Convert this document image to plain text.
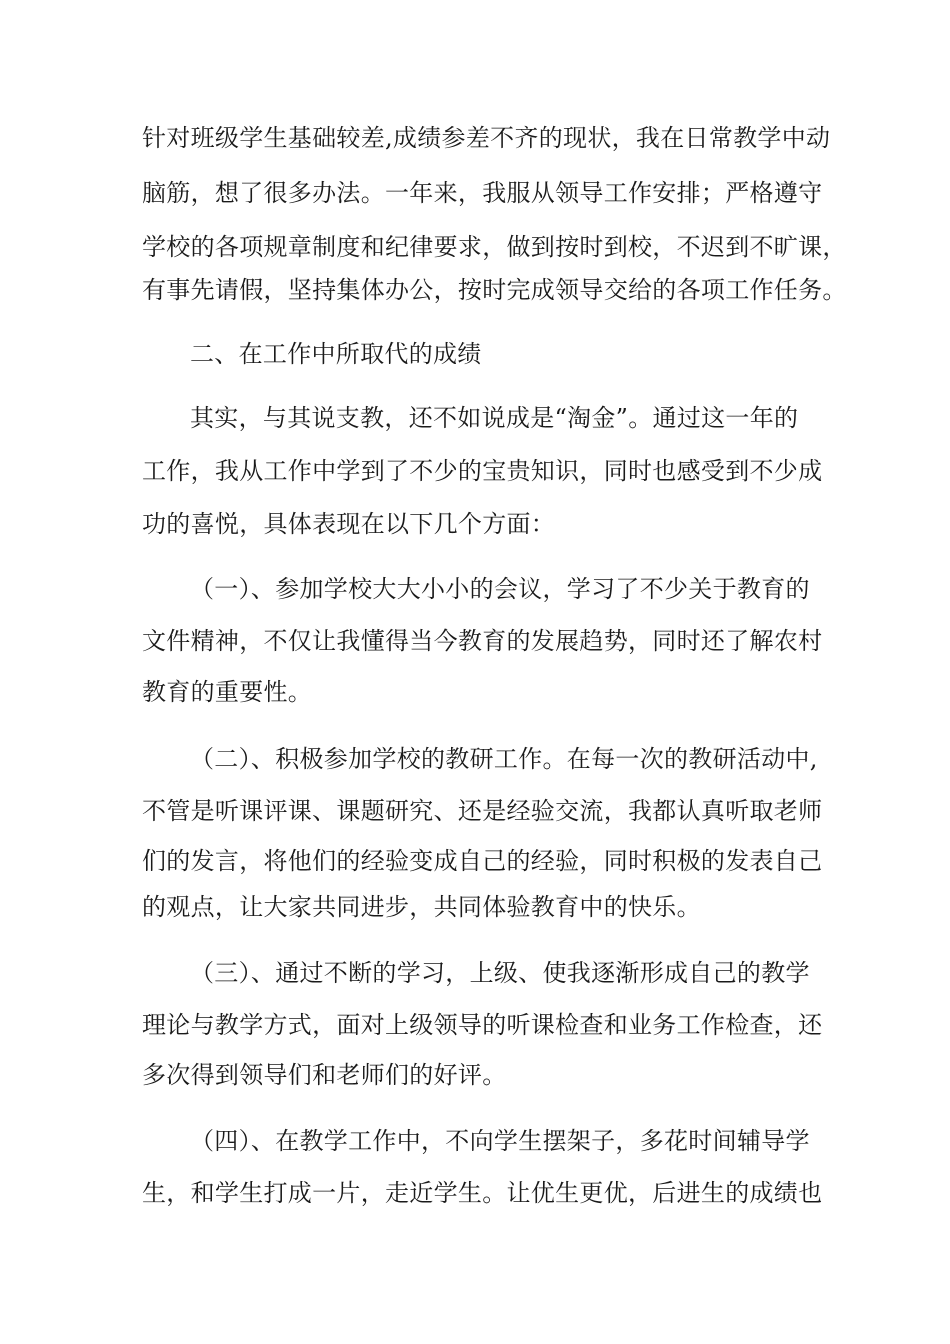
针对班级学生基础较差,成绩参差不齐的现状，我在日常教学中动
脑筋，想了很多办法。一年来，我服从领导工作安排；严格遵守
学校的各项规章制度和纪律要求，做到按时到校，不迟到不旷课，
有事先请假，坚持集体办公，按时完成领导交给的各项工作任务。
二、在工作中所取代的成绩
其实，与其说支教，还不如说成是“淘金”。通过这一年的
工作，我从工作中学到了不少的宝贵知识，同时也感受到不少成
功的喜悦，具体表现在以下几个方面：
（一）、参加学校大大小小的会议，学习了不少关于教育的
文件精神，不仅让我懂得当今教育的发展趋势，同时还了解农村
教育的重要性。
（二）、积极参加学校的教研工作。在每一次的教研活动中,
不管是听课评课、课题研究、还是经验交流，我都认真听取老师
们的发言，将他们的经验变成自己的经验，同时积极的发表自己
的观点，让大家共同进步，共同体验教育中的快乐。
（三）、通过不断的学习，上级、使我逐渐形成自己的教学
理论与教学方式，面对上级领导的听课检查和业务工作检查，还
多次得到领导们和老师们的好评。
（四）、在教学工作中，不向学生摆架子，多花时间辅导学
生，和学生打成一片，走近学生。让优生更优，后进生的成绩也
